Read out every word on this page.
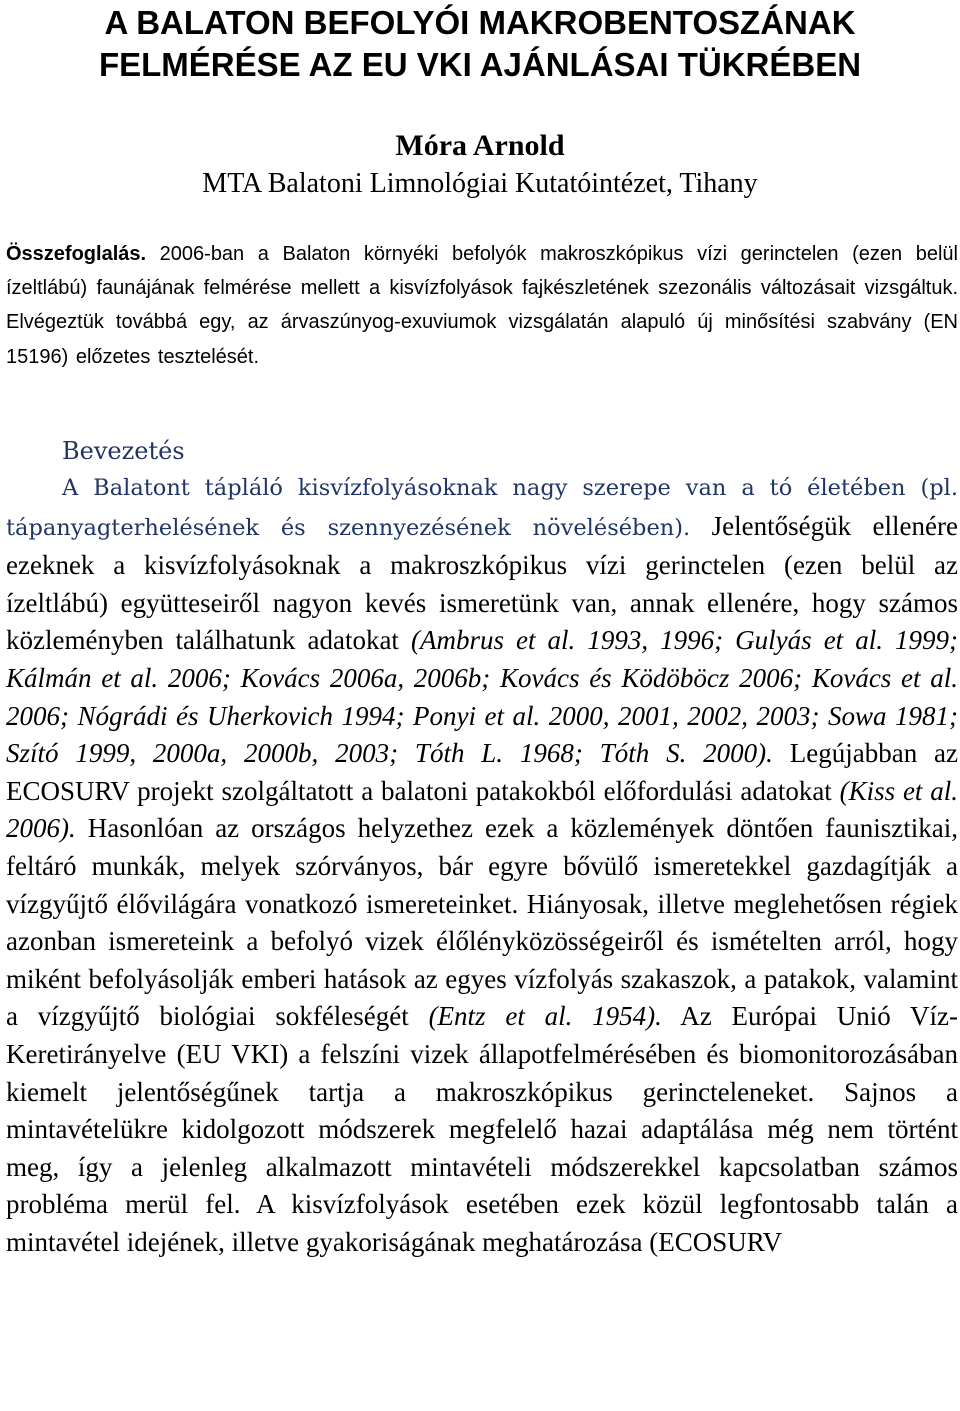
A BALATON BEFOLYÓI MAKROBENTOSZÁNAK
FELMÉRÉSE AZ EU VKI AJÁNLÁSAI TÜKRÉBEN
Móra Arnold
MTA Balatoni Limnológiai Kutatóintézet, Tihany
Összefoglalás. 2006-ban a Balaton környéki befolyók makroszkópikus vízi gerinctelen (ezen belül ízeltlábú) faunájának felmérése mellett a kisvízfolyások fajkészletének szezonális változásait vizsgáltuk. Elvégeztük továbbá egy, az árvaszúnyog-exuviumok vizsgálatán alapuló új minősítési szabvány (EN 15196) előzetes tesztelését.
Bevezetés
A Balatont tápláló kisvízfolyásoknak nagy szerepe van a tó életében (pl. tápanyagterhelésének és szennyezésének növelésében). Jelentőségük ellenére ezeknek a kisvízfolyásoknak a makroszkópikus vízi gerinctelen (ezen belül az ízeltlábú) együtteseiről nagyon kevés ismeretünk van, annak ellenére, hogy számos közleményben találhatunk adatokat (Ambrus et al. 1993, 1996; Gulyás et al. 1999; Kálmán et al. 2006; Kovács 2006a, 2006b; Kovács és Ködöböcz 2006; Kovács et al. 2006; Nógrádi és Uherkovich 1994; Ponyi et al. 2000, 2001, 2002, 2003; Sowa 1981; Szító 1999, 2000a, 2000b, 2003; Tóth L. 1968; Tóth S. 2000). Legújabban az ECOSURV projekt szolgáltatott a balatoni patakokból előfordulási adatokat (Kiss et al. 2006). Hasonlóan az országos helyzethez ezek a közlemények döntően faunisztikai, feltáró munkák, melyek szórványos, bár egyre bővülő ismeretekkel gazdagítják a vízgyűjtő élővilágára vonatkozó ismereteinket. Hiányosak, illetve meglehetősen régiek azonban ismereteink a befolyó vizek élőlényközösségeiről és ismételten arról, hogy miként befolyásolják emberi hatások az egyes vízfolyás szakaszok, a patakok, valamint a vízgyűjtő biológiai sokféleségét (Entz et al. 1954). Az Európai Unió Víz-Keretirányelve (EU VKI) a felszíni vizek állapotfelmérésében és biomonitorozásában kiemelt jelentőségűnek tartja a makroszkópikus gerincteleneket. Sajnos a mintavételükre kidolgozott módszerek megfelelő hazai adaptálása még nem történt meg, így a jelenleg alkalmazott mintavételi módszerekkel kapcsolatban számos probléma merül fel. A kisvízfolyások esetében ezek közül legfontosabb talán a mintavétel idejének, illetve gyakoriságának meghatározása (ECOSURV
